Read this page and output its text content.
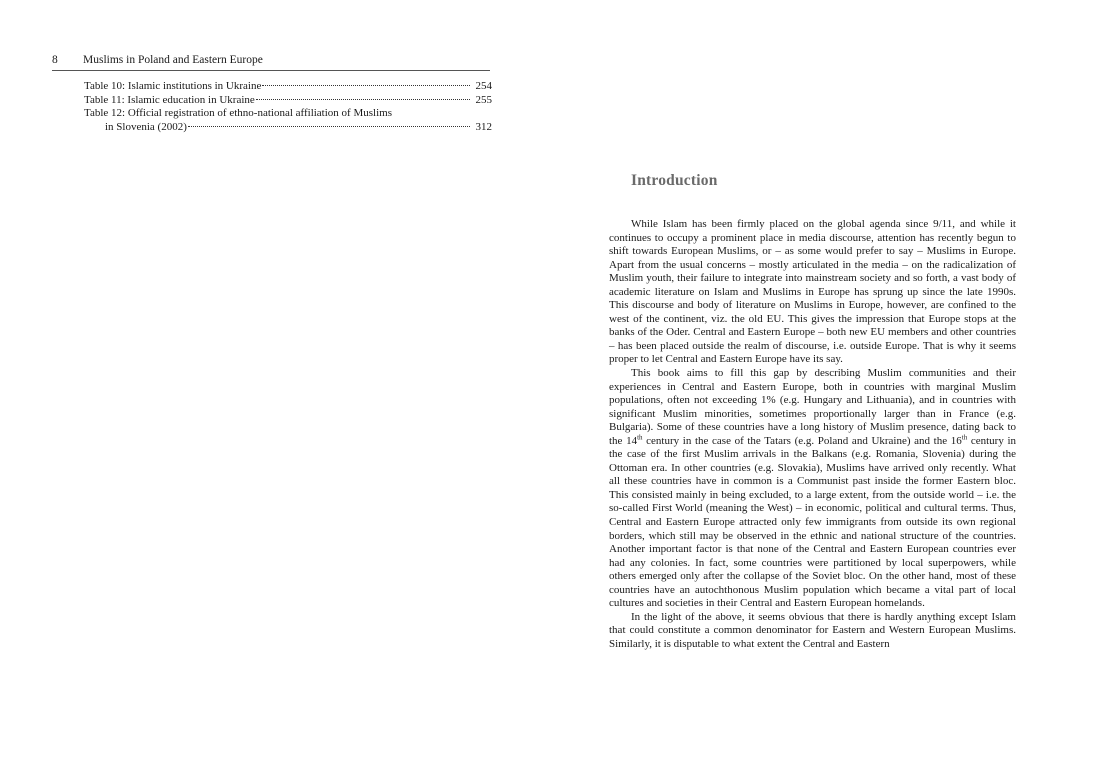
8 Muslims in Poland and Eastern Europe
Table 10: Islamic institutions in Ukraine	254
Table 11: Islamic education in Ukraine	255
Table 12: Official registration of ethno-national affiliation of Muslims
in Slovenia (2002)	312
Introduction

While Islam has been firmly placed on the global agenda since 9/11, and while it continues to occupy a prominent place in media discourse, attention has recently begun to shift towards European Muslims, or – as some would prefer to say – Muslims in Europe. Apart from the usual concerns – mostly articulated in the media – on the radicalization of Muslim youth, their failure to integrate into mainstream society and so forth, a vast body of academic literature on Islam and Muslims in Europe has sprung up since the late 1990s. This discourse and body of literature on Muslims in Europe, however, are confined to the west of the continent, viz. the old EU. This gives the impression that Europe stops at the banks of the Oder. Central and Eastern Europe – both new EU members and other countries – has been placed outside the realm of discourse, i.e. outside Europe. That is why it seems proper to let Central and Eastern Europe have its say.

This book aims to fill this gap by describing Muslim communities and their experiences in Central and Eastern Europe, both in countries with marginal Muslim populations, often not exceeding 1% (e.g. Hungary and Lithuania), and in countries with significant Muslim minorities, sometimes proportionally larger than in France (e.g. Bulgaria). Some of these countries have a long history of Muslim presence, dating back to the 14th century in the case of the Tatars (e.g. Poland and Ukraine) and the 16th century in the case of the first Muslim arrivals in the Balkans (e.g. Romania, Slovenia) during the Ottoman era. In other countries (e.g. Slovakia), Muslims have arrived only recently. What all these countries have in common is a Communist past inside the former Eastern bloc. This consisted mainly in being excluded, to a large extent, from the outside world – i.e. the so-called First World (meaning the West) – in economic, political and cultural terms. Thus, Central and Eastern Europe attracted only few immigrants from outside its own regional borders, which still may be observed in the ethnic and national structure of the countries. Another important factor is that none of the Central and Eastern European countries ever had any colonies. In fact, some countries were partitioned by local superpowers, while others emerged only after the collapse of the Soviet bloc. On the other hand, most of these countries have an autochthonous Muslim population which became a vital part of local cultures and societies in their Central and Eastern European homelands.

In the light of the above, it seems obvious that there is hardly anything except Islam that could constitute a common denominator for Eastern and Western European Muslims. Similarly, it is disputable to what extent the Central and Eastern
